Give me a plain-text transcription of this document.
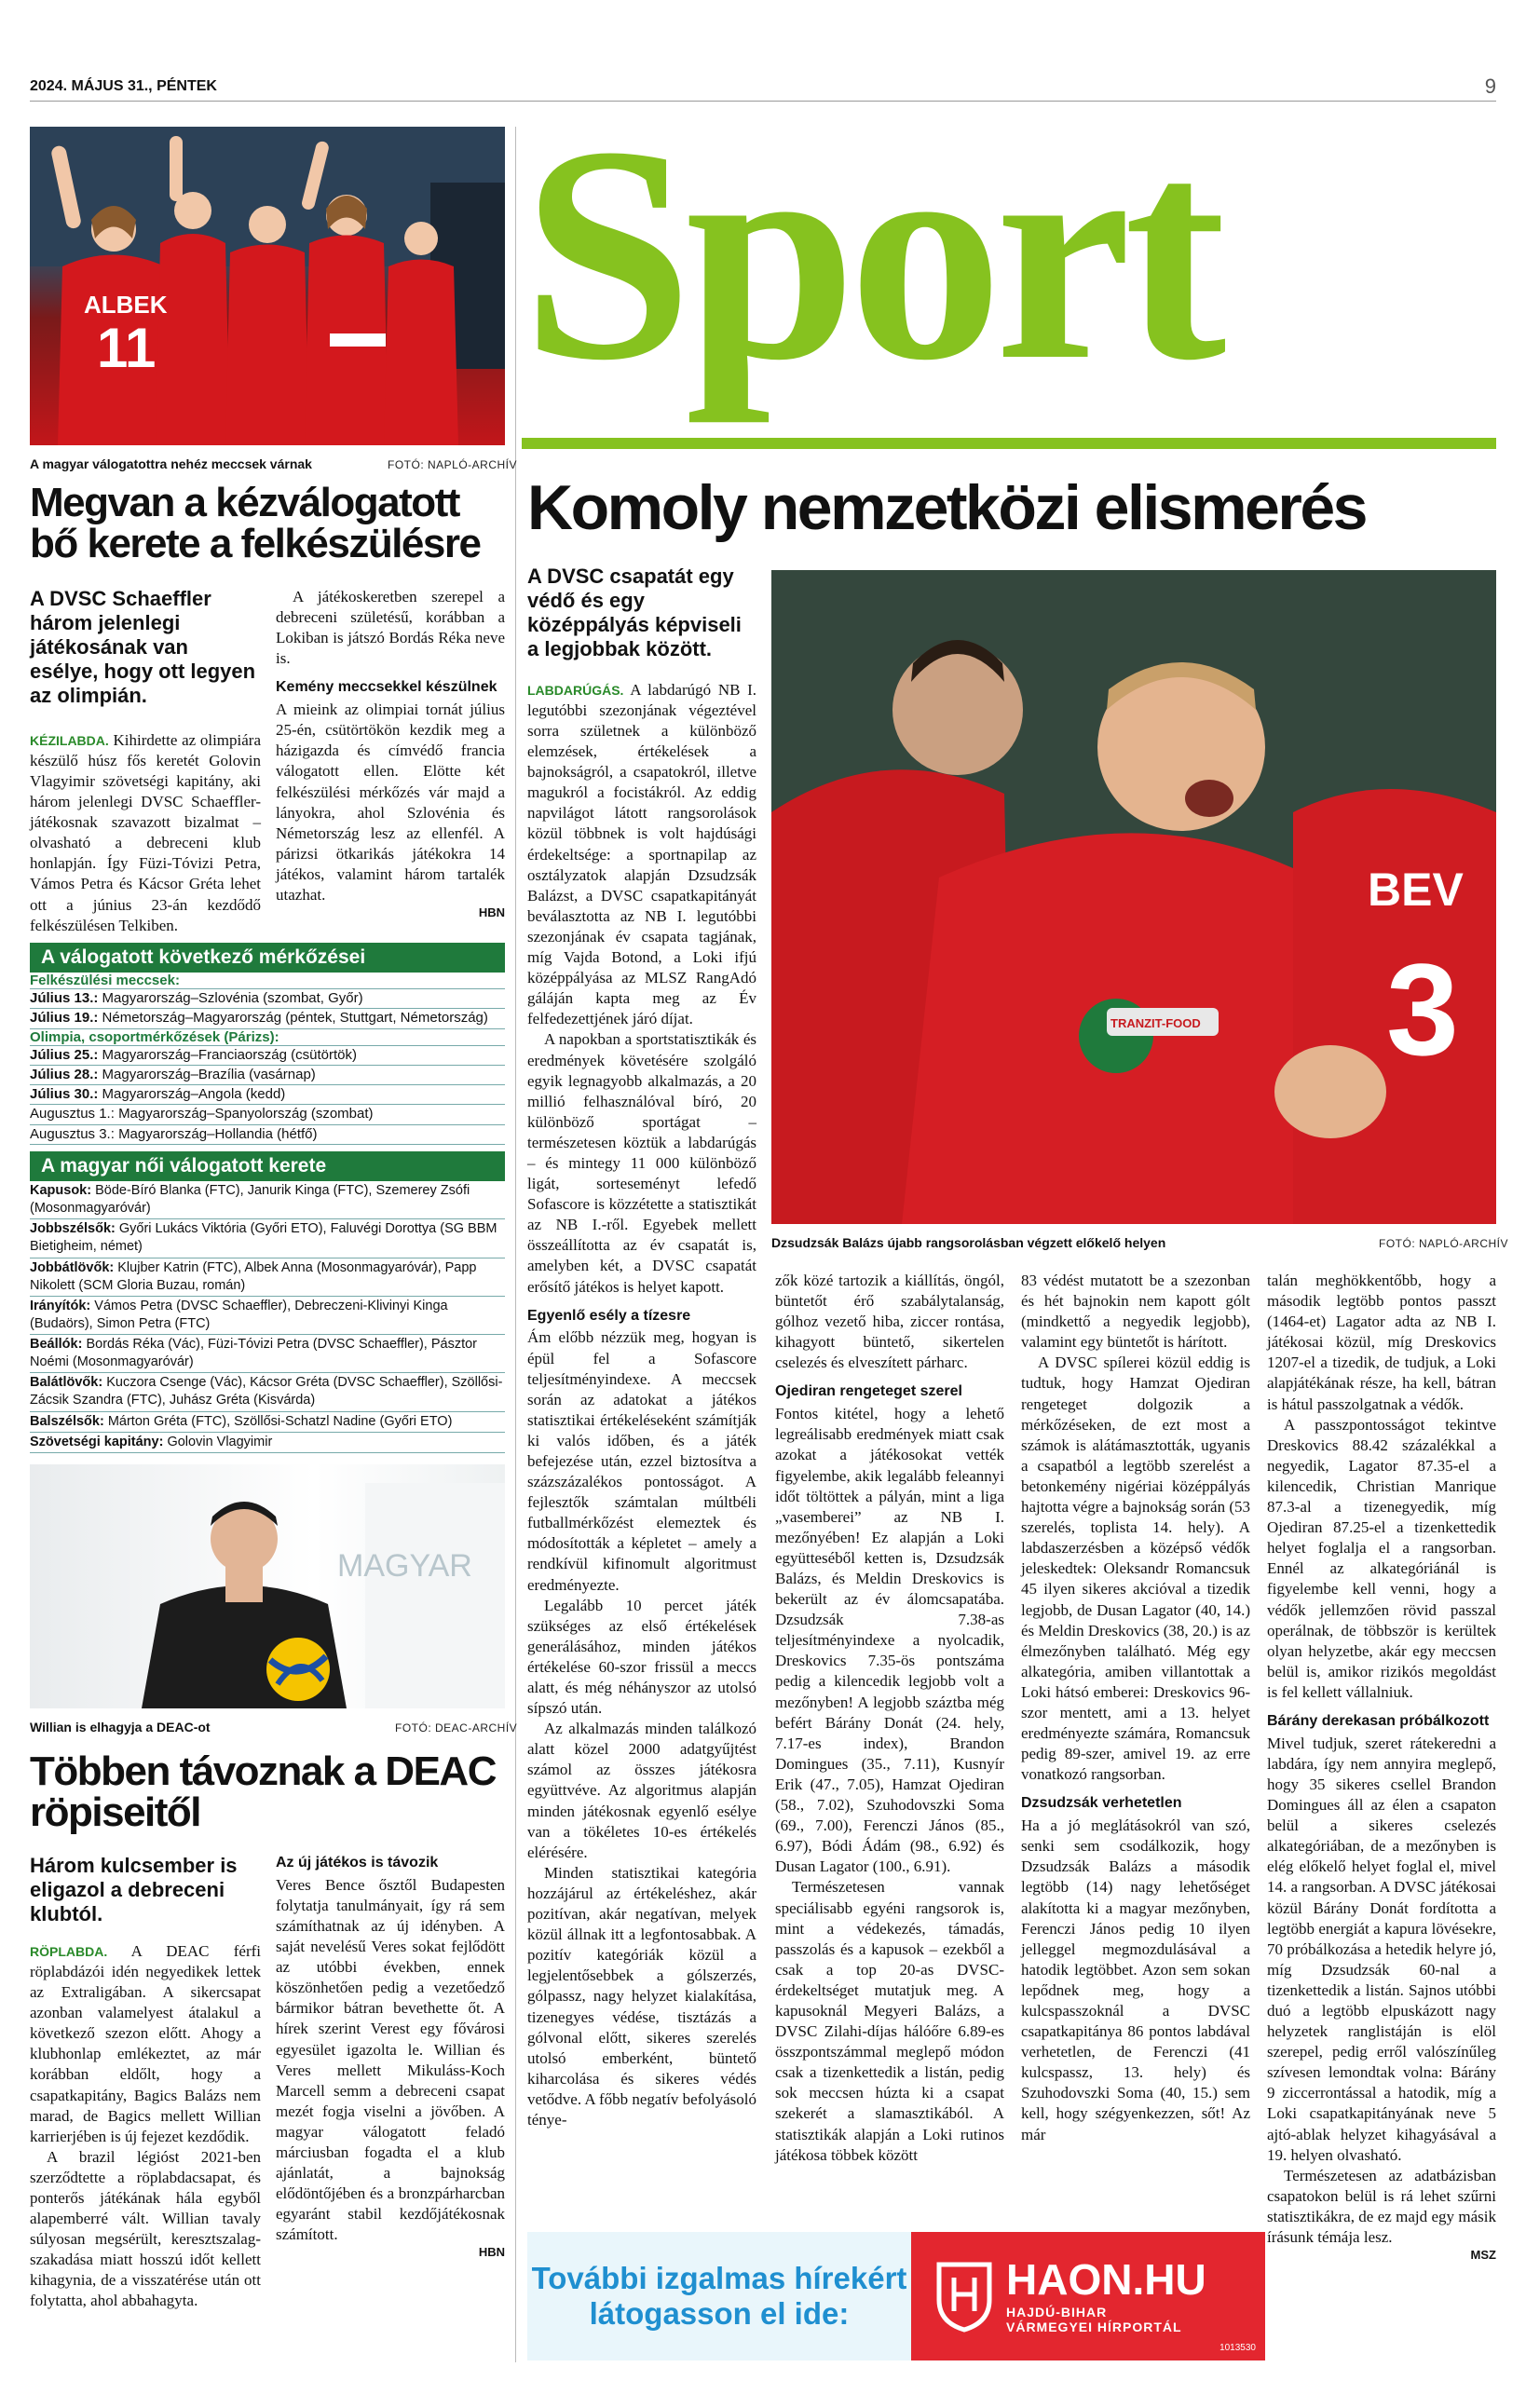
2024. MÁJUS 31., PÉNTEK	9
ALBEK
11
A magyar válogatottra nehéz meccsek várnak	FOTÓ: NAPLÓ-ARCHÍV
Megvan a kézválogatott bő kerete a felkészülésre
A DVSC Schaeffler három jelenlegi játékosának van esélye, hogy ott legyen az olimpián.

KÉZILABDA. Kihirdette az olimpiára készülő húsz fős keretét Golovin Vlagyimir szövetségi kapitány, aki három jelenlegi DVSC Schaeffler-játékosnak szavazott bizalmat – olvasható a debreceni klub honlapján. Így Füzi-Tóvizi Petra, Vámos Petra és Kácsor Gréta lehet ott a június 23-án kezdődő felkészülésen Telkiben.

A játékoskeretben szerepel a debreceni születésű, korábban a Lokiban is játszó Bordás Réka neve is.

Kemény meccsekkel készülnek

A mieink az olimpiai tornát július 25-én, csütörtökön kezdik meg a házigazda és címvédő francia válogatott ellen. Elötte két felkészülési mérkőzés vár majd a lányokra, ahol Szlovénia és Németország lesz az ellenfél. A párizsi ötkarikás játékokra 14 játékos, valamint három tartalék utazhat.

HBN
A válogatott következő mérkőzései
Felkészülési meccsek:
Július 13.: Magyarország–Szlovénia (szombat, Győr)
Július 19.: Németország–Magyarország (péntek, Stuttgart, Németország)
Olimpia, csoportmérkőzések (Párizs):
Július 25.: Magyarország–Franciaország (csütörtök)
Július 28.: Magyarország–Brazília (vasárnap)
Július 30.: Magyarország–Angola (kedd)
Augusztus 1.: Magyarország–Spanyolország (szombat)
Augusztus 3.: Magyarország–Hollandia (hétfő)
A magyar női válogatott kerete
Kapusok: Böde-Bíró Blanka (FTC), Janurik Kinga (FTC), Szemerey Zsófi (Mosonmagyaróvár)
Jobbszélsők: Győri Lukács Viktória (Győri ETO), Faluvégi Dorottya (SG BBM Bietigheim, német)
Jobbátlövők: Klujber Katrin (FTC), Albek Anna (Mosonmagyaróvár), Papp Nikolett (SCM Gloria Buzau, román)
Irányítók: Vámos Petra (DVSC Schaeffler), Debreczeni-Klivinyi Kinga (Budaörs), Simon Petra (FTC)
Beállók: Bordás Réka (Vác), Füzi-Tóvizi Petra (DVSC Schaeffler), Pásztor Noémi (Mosonmagyaróvár)
Balátlövők: Kuczora Csenge (Vác), Kácsor Gréta (DVSC Schaeffler), Szöllősi-Zácsik Szandra (FTC), Juhász Gréta (Kisvárda)
Balszélsők: Márton Gréta (FTC), Szöllősi-Schatzl Nadine (Győri ETO)
Szövetségi kapitány: Golovin Vlagyimir
MAGYAR
Willian is elhagyja a DEAC-ot	FOTÓ: DEAC-ARCHÍV
Többen távoznak a DEAC röpiseitől
Három kulcsember is eligazol a debreceni klubtól.

RÖPLABDA. A DEAC férfi röplabdázói idén negyedikek lettek az Extraligában. A sikercsapat azonban valamelyest átalakul a következő szezon előtt. Ahogy a klubhonlap emlékeztet, az már korábban eldőlt, hogy a csapatkapitány, Bagics Balázs nem marad, de Bagics mellett Willian karrierjében is új fejezet kezdődik.

A brazil légióst 2021-ben szerződtette a röplabdacsapat, és ponterős játékának hála egyből alapemberré vált. Willian tavaly súlyosan megsérült, keresztszalag-szakadása miatt hosszú időt kellett kihagynia, de a visszatérése után ott folytatta, ahol abbahagyta.

Az új játékos is távozik

Veres Bence ősztől Budapesten folytatja tanulmányait, így rá sem számíthatnak az új idényben. A saját nevelésű Veres sokat fejlődött az utóbbi években, ennek köszönhetően pedig a vezetőedző bármikor bátran bevethette őt. A hírek szerint Verest egy fővárosi egyesület igazolta le. Willian és Veres mellett Mikuláss-Koch Marcell semm a debreceni csapat mezét fogja viselni a jövőben. A magyar válogatott feladó márciusban fogadta el a klub ajánlatát, a bajnokság elődöntőjében és a bronzpárharcban egyaránt stabil kezdőjátékosnak számított.

HBN
Sport
Komoly nemzetközi elismerés
TRANZIT-FOOD
BEV
3
Dzsudzsák Balázs újabb rangsorolásban végzett előkelő helyen	FOTÓ: NAPLÓ-ARCHÍV
A DVSC csapatát egy védő és egy középpályás képviseli a legjobbak között.

LABDARÚGÁS. A labdarúgó NB I. legutóbbi szezonjának végeztével sorra születnek a különböző elemzések, értékelések a bajnokságról, a csapatokról, illetve magukról a focistákról. Az eddig napvilágot látott rangsorolások közül többnek is volt hajdúsági érdekeltsége: a sportnapilap az osztályzatok alapján Dzsudzsák Balázst, a DVSC csapatkapitányát beválasztotta az NB I. legutóbbi szezonjának év csapata tagjának, míg Vajda Botond, a Loki ifjú középpályása az MLSZ RangAdó gáláján kapta meg az Év felfedezettjének járó díjat.

A napokban a sportstatisztikák és eredmények követésére szolgáló egyik legnagyobb alkalmazás, a 20 millió felhasználóval bíró, 20 különböző sportágat – természetesen köztük a labdarúgás – és mintegy 11 000 különböző ligát, sorteseményt lefedő Sofascore is közzétette a statisztikát az NB I.-ről. Egyebek mellett összeállította az év csapatát is, amelyben két, a DVSC csapatát erősítő játékos is helyet kapott.

Egyenlő esély a tízesre

Ám előbb nézzük meg, hogyan is épül fel a Sofascore teljesítményindexe. A meccsek során az adatokat a játékos statisztikai értékeléseként számítják ki valós időben, és a játék befejezése után, ezzel biztosítva a százszázalékos pontosságot. A fejlesztők számtalan múltbéli futballmérkőzést elemeztek és módosították a képletet – amely a rendkívül kifinomult algoritmust eredményezte.

Legalább 10 percet játék szükséges az első értékelések generálásához, minden játékos értékelése 60-szor frissül a meccs alatt, és még néhányszor az utolsó sípszó után.

Az alkalmazás minden találkozó alatt közel 2000 adatgyűjtést számol az összes játékosra együttvéve. Az algoritmus alapján minden játékosnak egyenlő esélye van a tökéletes 10-es értékelés elérésére.

Minden statisztikai kategória hozzájárul az értékeléshez, akár pozitívan, akár negatívan, melyek közül állnak itt a legfontosabbak. A pozitív kategóriák közül a legjelentősebbek a gólszerzés, gólpassz, nagy helyzet kialakítása, tizenegyes védése, tisztázás a gólvonal előtt, sikeres szerelés utolsó emberként, büntető kiharcolása és sikeres védés vetődve. A főbb negatív befolyásoló ténye-

zők közé tartozik a kiállítás, öngól, büntetőt érő szabálytalanság, gólhoz vezető hiba, ziccer rontása, kihagyott büntető, sikertelen cselezés és elveszített párharc.

Ojediran rengeteget szerel

Fontos kitétel, hogy a lehető legreálisabb eredmények miatt csak azokat a játékosokat vették figyelembe, akik legalább feleannyi időt töltöttek a pályán, mint a liga „vasemberei” az NB I. mezőnyében! Ez alapján a Loki együtteséből ketten is, Dzsudzsák Balázs, és Meldin Dreskovics is bekerült az év álomcsapatába. Dzsudzsák 7.38-as teljesítményindexe a nyolcadik, Dreskovics 7.35-ös pontszáma pedig a kilencedik legjobb volt a mezőnyben! A legjobb száztba még befért Bárány Donát (24. hely, 7.17-es index), Brandon Domingues (35., 7.11), Kusnyír Erik (47., 7.05), Hamzat Ojediran (58., 7.02), Szuhodovszki Soma (69., 7.00), Ferenczi János (85., 6.97), Bódi Ádám (98., 6.92) és Dusan Lagator (100., 6.91).

Természetesen vannak speciálisabb egyéni rangsorok is, mint a védekezés, támadás, passzolás és a kapusok – ezekből a csak a top 20-as DVSC-érdekeltséget mutatjuk meg. A kapusoknál Megyeri Balázs, a DVSC Zilahi-díjas hálóőre 6.89-es összpontszámmal meglepő módon csak a tizenkettedik a listán, pedig sok meccsen húzta ki a csapat szekerét a slamasztikából. A statisztikák alapján a Loki rutinos játékosa többek között

83 védést mutatott be a szezonban és hét bajnokin nem kapott gólt (mindkettő a negyedik legjobb), valamint egy büntetőt is hárított.

A DVSC spílerei közül eddig is tudtuk, hogy Hamzat Ojediran rengeteget dolgozik a mérkőzéseken, de ezt most a számok is alátámasztották, ugyanis a csapatból a legtöbb szerelést a betonkemény nigériai középpályás hajtotta végre a bajnokság során (53 szerelés, toplista 14. hely). A labdaszerzésben a középső védők jeleskedtek: Oleksandr Romancsuk 45 ilyen sikeres akcióval a tizedik legjobb, de Dusan Lagator (40, 14.) és Meldin Dreskovics (38, 20.) is az élmezőnyben található. Még egy alkategória, amiben villantottak a Loki hátsó emberei: Dreskovics 96-szor mentett, ami a 13. helyet eredményezte számára, Romancsuk pedig 89-szer, amivel 19. az erre vonatkozó rangsorban.

Dzsudzsák verhetetlen

Ha a jó meglátásokról van szó, senki sem csodálkozik, hogy Dzsudzsák Balázs a második legtöbb (14) nagy lehetőséget alakította ki a magyar mezőnyben, Ferenczi János pedig 10 ilyen jelleggel megmozdulásával a hatodik legtöbbet. Azon sem sokan lepődnek meg, hogy a kulcspasszoknál a DVSC csapatkapitánya 86 pontos labdával verhetetlen, de Ferenczi (41 kulcspassz, 13. hely) és Szuhodovszki Soma (40, 15.) sem kell, hogy szégyenkezzen, sőt! Az már

talán meghökkentőbb, hogy a második legtöbb pontos passzt (1464-et) Lagator adta az NB I. játékosai közül, míg Dreskovics 1207-el a tizedik, de tudjuk, a Loki alapjátékának része, ha kell, bátran is hátul passzolgatnak a védők.

A passzpontosságot tekintve Dreskovics 88.42 százalékkal a negyedik, Lagator 87.35-el a kilencedik, Christian Manrique 87.3-al a tizenegyedik, míg Ojediran 87.25-el a tizenkettedik helyet foglalja el a rangsorban. Ennél az alkategóriánál is figyelembe kell venni, hogy a védők jellemzően rövid passzal operálnak, de többször is kerültek olyan helyzetbe, akár egy meccsen belül is, amikor rizikós megoldást is fel kellett vállalniuk.

Bárány derekasan próbálkozott

Mivel tudjuk, szeret rátekeredni a labdára, így nem annyira meglepő, hogy 35 sikeres csellel Brandon Domingues áll az élen a csapaton belül a sikeres cselezés alkategóriában, de a mezőnyben is elég előkelő helyet foglal el, mivel 14. a rangsorban. A DVSC játékosai közül Bárány Donát fordította a legtöbb energiát a kapura lövésekre, 70 próbálkozása a hetedik helyre jó, míg Dzsudzsák 60-nal a tizenkettedik a listán. Sajnos utóbbi duó a legtöbb elpuskázott nagy helyzetek ranglistáján is elöl szerepel, pedig erről valószínűleg szívesen lemondtak volna: Bárány 9 ziccerrontással a hatodik, míg a Loki csapatkapitányának neve 5 ajtó-ablak helyzet kihagyásával a 19. helyen olvasható.

Természetesen az adatbázisban csapatokon belül is rá lehet szűrni statisztikákra, de ez majd egy másik írásunk témája lesz.

MSZ
További izgalmas hírekért
látogasson el ide:
HAON.HU
HAJDÚ-BIHAR
VÁRMEGYEI HÍRPORTÁL
1013530
